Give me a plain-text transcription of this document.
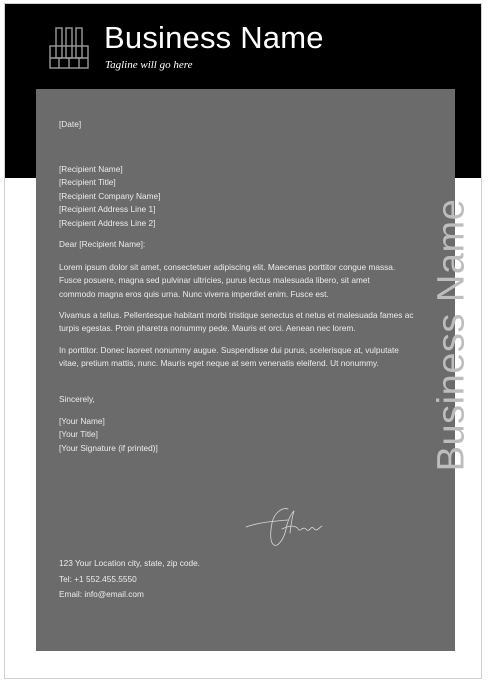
Business Name
Tagline will go here

[Date]

[Recipient Name]

[Recipient Title]

[Recipient Company Name]

[Recipient Address Line 1]

[Recipient Address Line 2]

Dear [Recipient Name]:

Lorem ipsum dolor sit amet, consectetuer adipiscing elit. Maecenas porttitor congue massa. Fusce posuere, magna sed pulvinar ultricies, purus lectus malesuada libero, sit amet commodo magna eros quis urna. Nunc viverra imperdiet enim. Fusce est.

Vivamus a tellus. Pellentesque habitant morbi tristique senectus et netus et malesuada fames ac turpis egestas. Proin pharetra nonummy pede. Mauris et orci. Aenean nec lorem.

In porttitor. Donec laoreet nonummy augue. Suspendisse dui purus, scelerisque at, vulputate vitae, pretium mattis, nunc. Mauris eget neque at sem venenatis eleifend. Ut nonummy.

Sincerely,

[Your Name]

[Your Title]

[Your Signature (if printed)]

123 Your Location city, state, zip code.

Tel: +1 552.455.5550

Email: info@email.com

Business Name
